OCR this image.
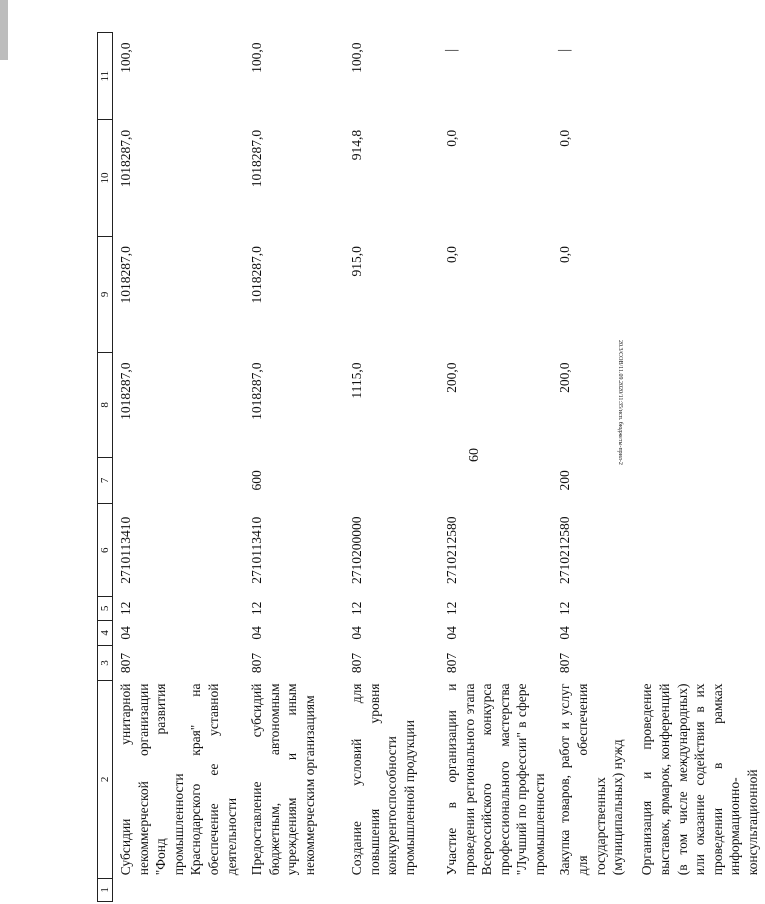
60	20.3/СОВ/11.09.2020/11:35/исп. бюджеты-прил-2
1	2	3	4	5	6	7	8	9	10	11
	Субсидии унитарной некоммерческой организации "Фонд развития промышленности Краснодарского края" на обеспечение ее уставной деятельности	807	04	12	2710113410		1018287,0	1018287,0	1018287,0	100,0
	Предоставление субсидий бюджетным, автономным учреждениям и иным некоммерческим организациям	807	04	12	2710113410	600	1018287,0	1018287,0	1018287,0	100,0
	Создание условий для повышения уровня конкурентоспособности промышленной продукции	807	04	12	2710200000		1115,0	915,0	914,8	100,0
	Участие в организации и проведении регионального этапа Всероссийского конкурса профессионального мастерства "Лучший по профессии" в сфере промышленности	807	04	12	2710212580		200,0	0,0	0,0	—
	Закупка товаров, работ и услуг для обеспечения государственных (муниципальных) нужд	807	04	12	2710212580	200	200,0	0,0	0,0	—
	Организация и проведение выставок, ярмарок, конференций (в том числе международных) или оказание содействия в их проведении в рамках информационно-консультационной									
